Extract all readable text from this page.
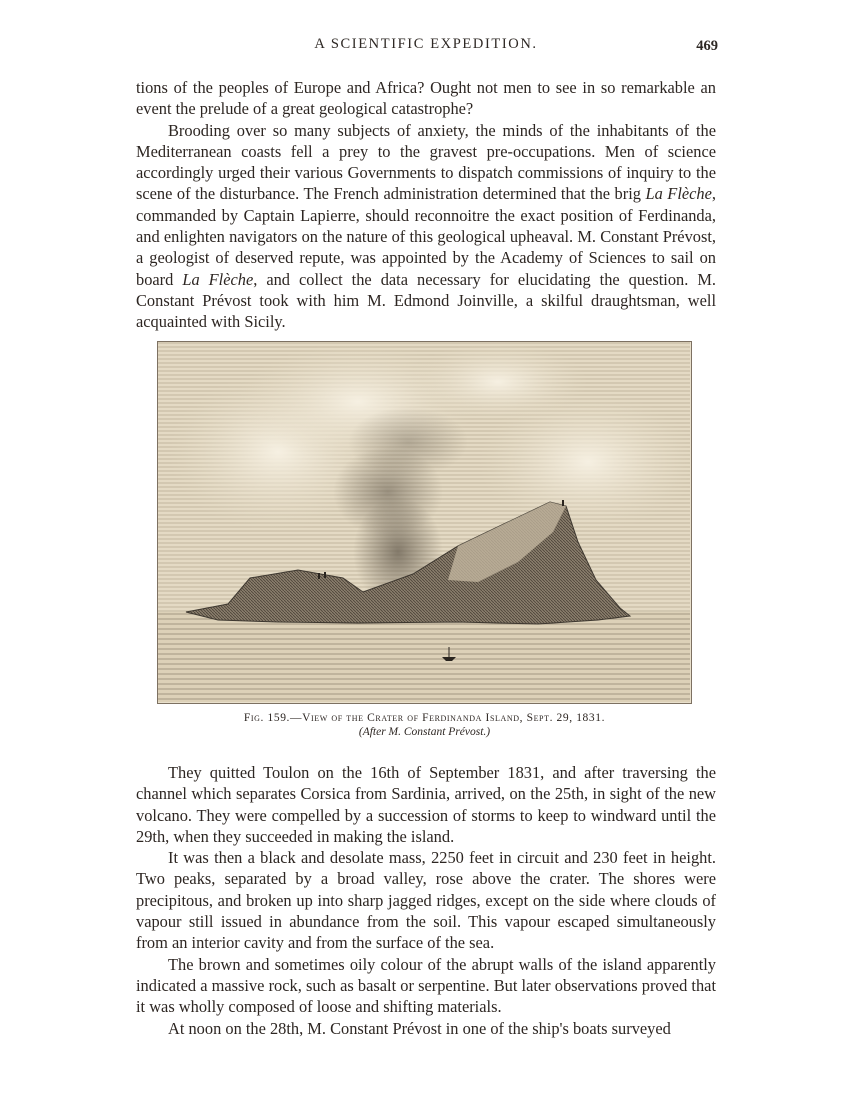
A SCIENTIFIC EXPEDITION.	469

tions of the peoples of Europe and Africa? Ought not men to see in so remarkable an event the prelude of a great geological catastrophe?

Brooding over so many subjects of anxiety, the minds of the inhabitants of the Mediterranean coasts fell a prey to the gravest pre-occupations. Men of science accordingly urged their various Governments to dispatch commissions of inquiry to the scene of the disturbance. The French administration determined that the brig La Flèche, commanded by Captain Lapierre, should reconnoitre the exact position of Ferdinanda, and enlighten navigators on the nature of this geological upheaval. M. Constant Prévost, a geologist of deserved repute, was appointed by the Academy of Sciences to sail on board La Flèche, and collect the data necessary for elucidating the question. M. Constant Prévost took with him M. Edmond Joinville, a skilful draughtsman, well acquainted with Sicily.

Fig. 159.—View of the Crater of Ferdinanda Island, Sept. 29, 1831.
(After M. Constant Prévost.)

They quitted Toulon on the 16th of September 1831, and after traversing the channel which separates Corsica from Sardinia, arrived, on the 25th, in sight of the new volcano. They were compelled by a succession of storms to keep to windward until the 29th, when they succeeded in making the island.

It was then a black and desolate mass, 2250 feet in circuit and 230 feet in height. Two peaks, separated by a broad valley, rose above the crater. The shores were precipitous, and broken up into sharp jagged ridges, except on the side where clouds of vapour still issued in abundance from the soil. This vapour escaped simultaneously from an interior cavity and from the surface of the sea.

The brown and sometimes oily colour of the abrupt walls of the island apparently indicated a massive rock, such as basalt or serpentine. But later observations proved that it was wholly composed of loose and shifting materials.

At noon on the 28th, M. Constant Prévost in one of the ship's boats surveyed
